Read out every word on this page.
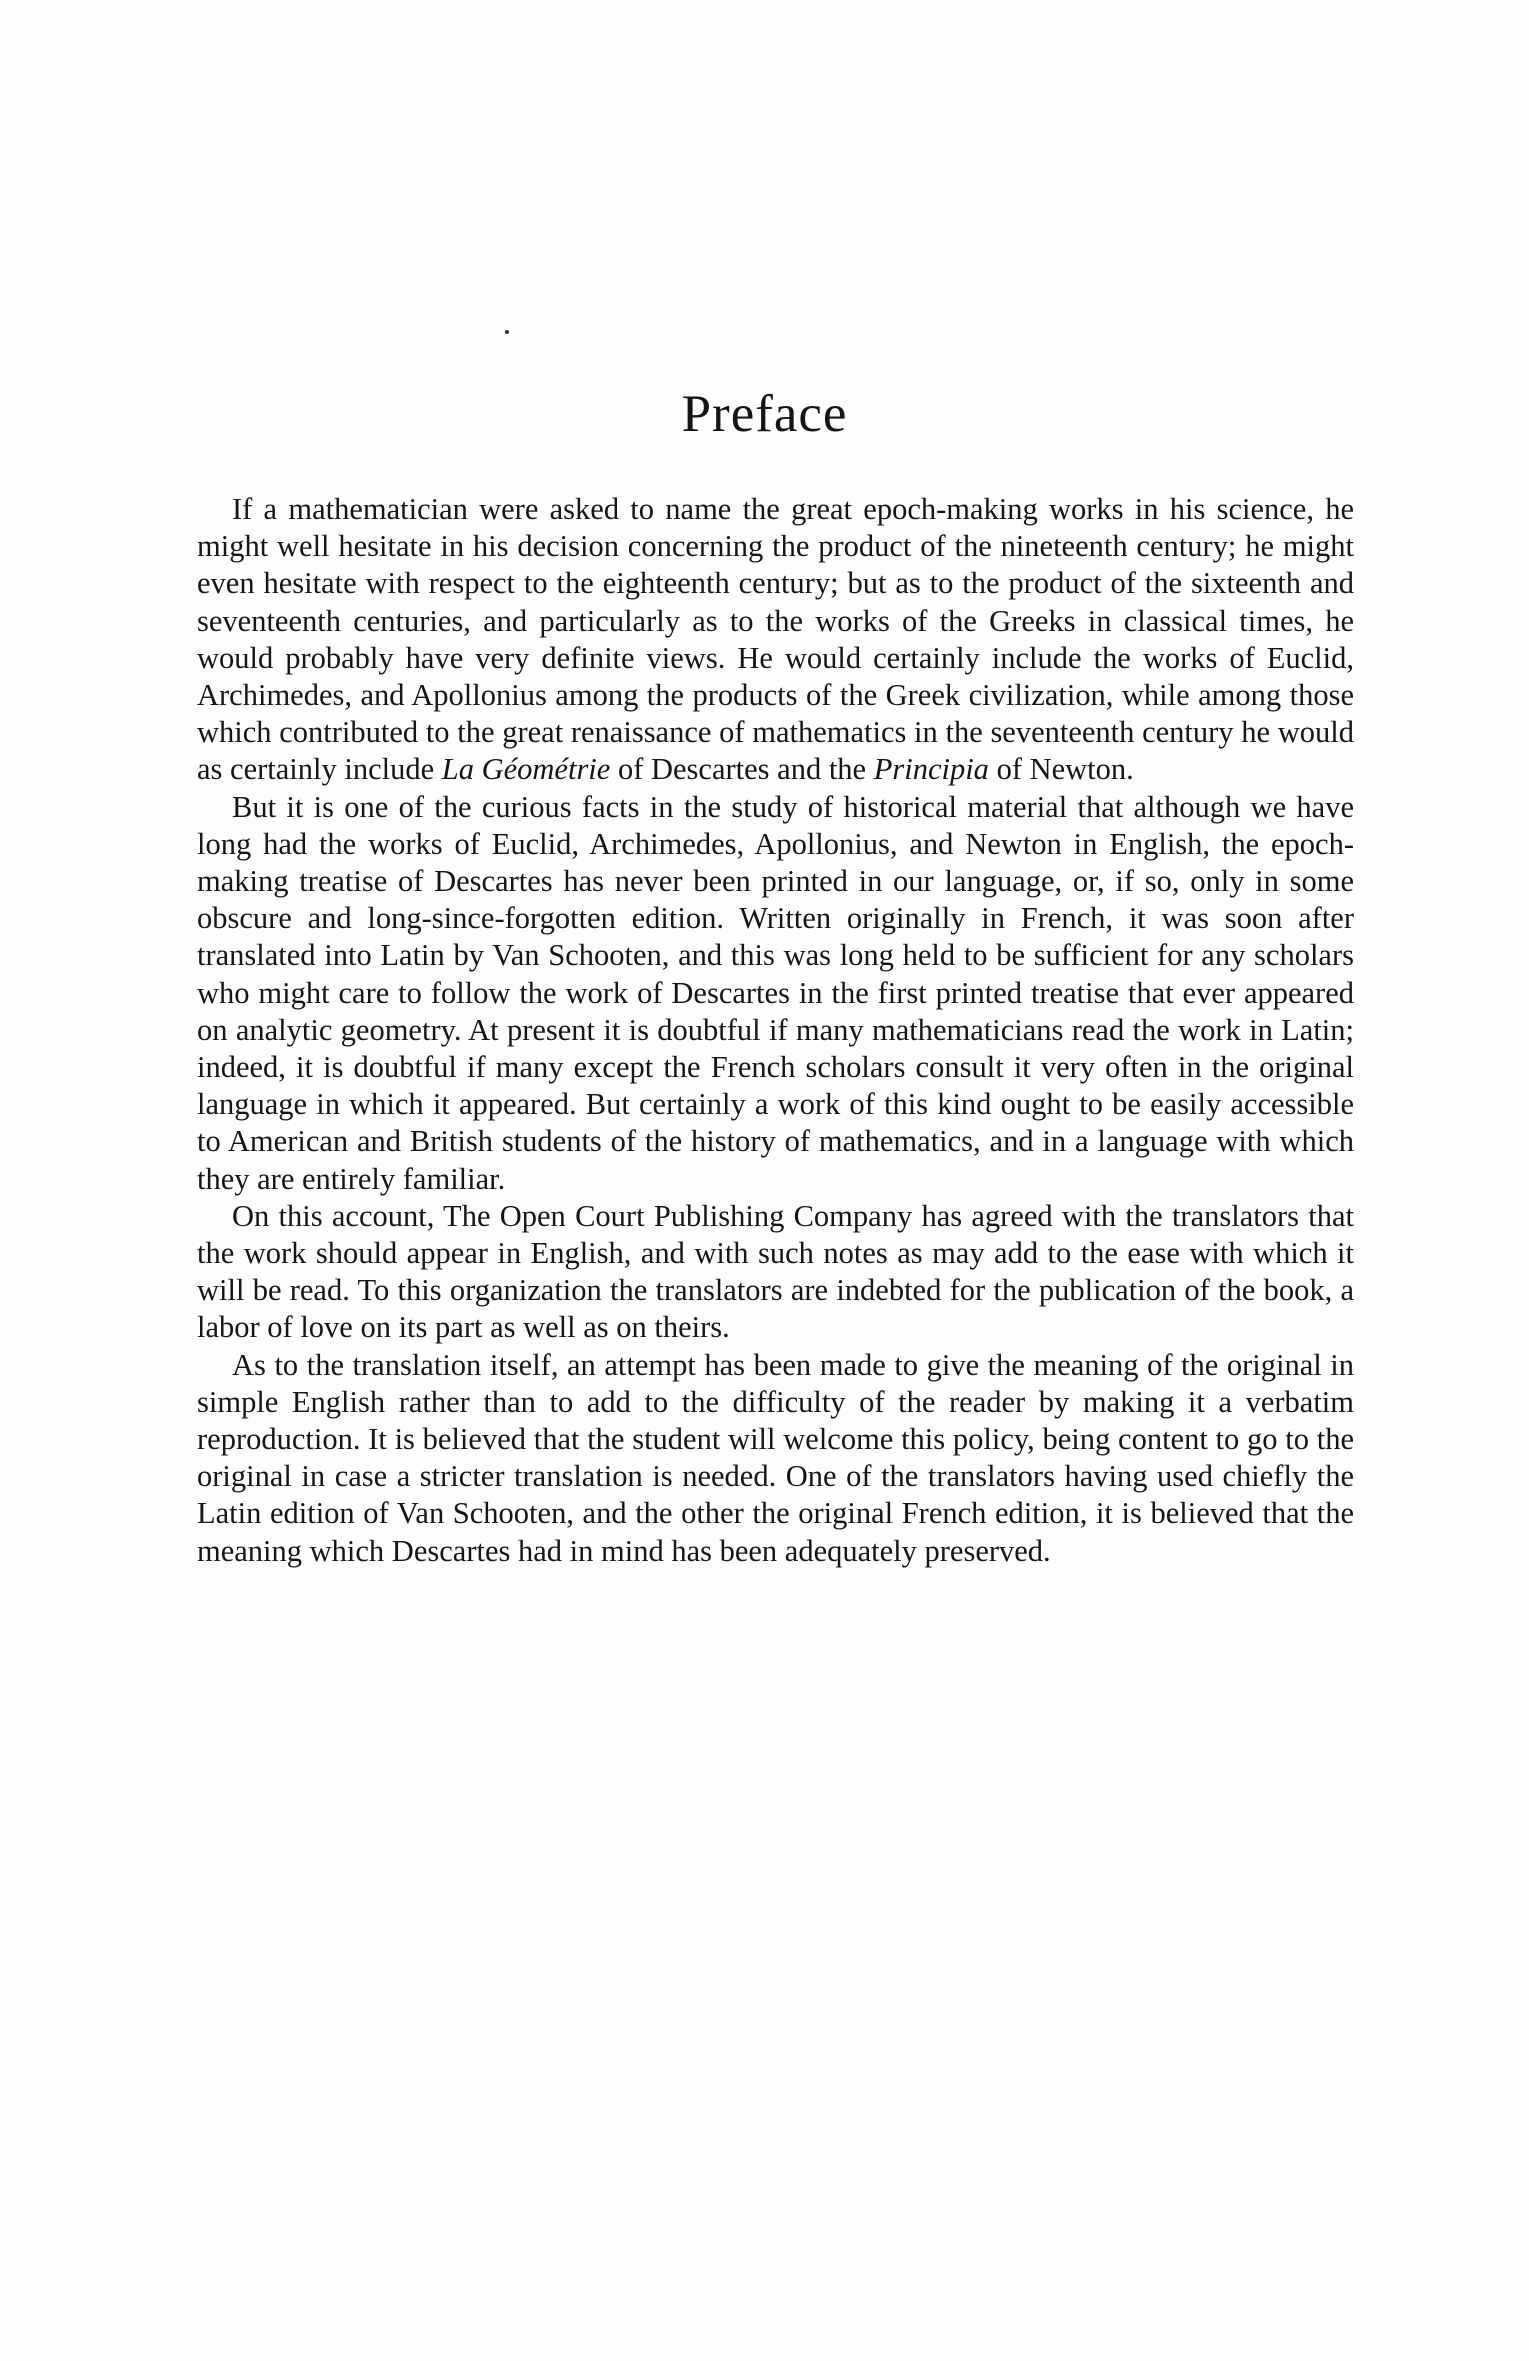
Preface

If a mathematician were asked to name the great epoch-making works in his science, he might well hesitate in his decision concerning the product of the nineteenth century; he might even hesitate with respect to the eighteenth century; but as to the product of the sixteenth and seventeenth centuries, and particularly as to the works of the Greeks in classical times, he would probably have very definite views. He would certainly include the works of Euclid, Archimedes, and Apollonius among the products of the Greek civilization, while among those which contributed to the great renaissance of mathematics in the seventeenth century he would as certainly include La Géométrie of Descartes and the Principia of Newton.

But it is one of the curious facts in the study of historical material that although we have long had the works of Euclid, Archimedes, Apollonius, and Newton in English, the epoch-making treatise of Descartes has never been printed in our language, or, if so, only in some obscure and long-since-forgotten edition. Written originally in French, it was soon after translated into Latin by Van Schooten, and this was long held to be sufficient for any scholars who might care to follow the work of Descartes in the first printed treatise that ever appeared on analytic geometry. At present it is doubtful if many mathematicians read the work in Latin; indeed, it is doubtful if many except the French scholars consult it very often in the original language in which it appeared. But certainly a work of this kind ought to be easily accessible to American and British students of the history of mathematics, and in a language with which they are entirely familiar.

On this account, The Open Court Publishing Company has agreed with the translators that the work should appear in English, and with such notes as may add to the ease with which it will be read. To this organization the translators are indebted for the publication of the book, a labor of love on its part as well as on theirs.

As to the translation itself, an attempt has been made to give the meaning of the original in simple English rather than to add to the difficulty of the reader by making it a verbatim reproduction. It is believed that the student will welcome this policy, being content to go to the original in case a stricter translation is needed. One of the translators having used chiefly the Latin edition of Van Schooten, and the other the original French edition, it is believed that the meaning which Descartes had in mind has been adequately preserved.
